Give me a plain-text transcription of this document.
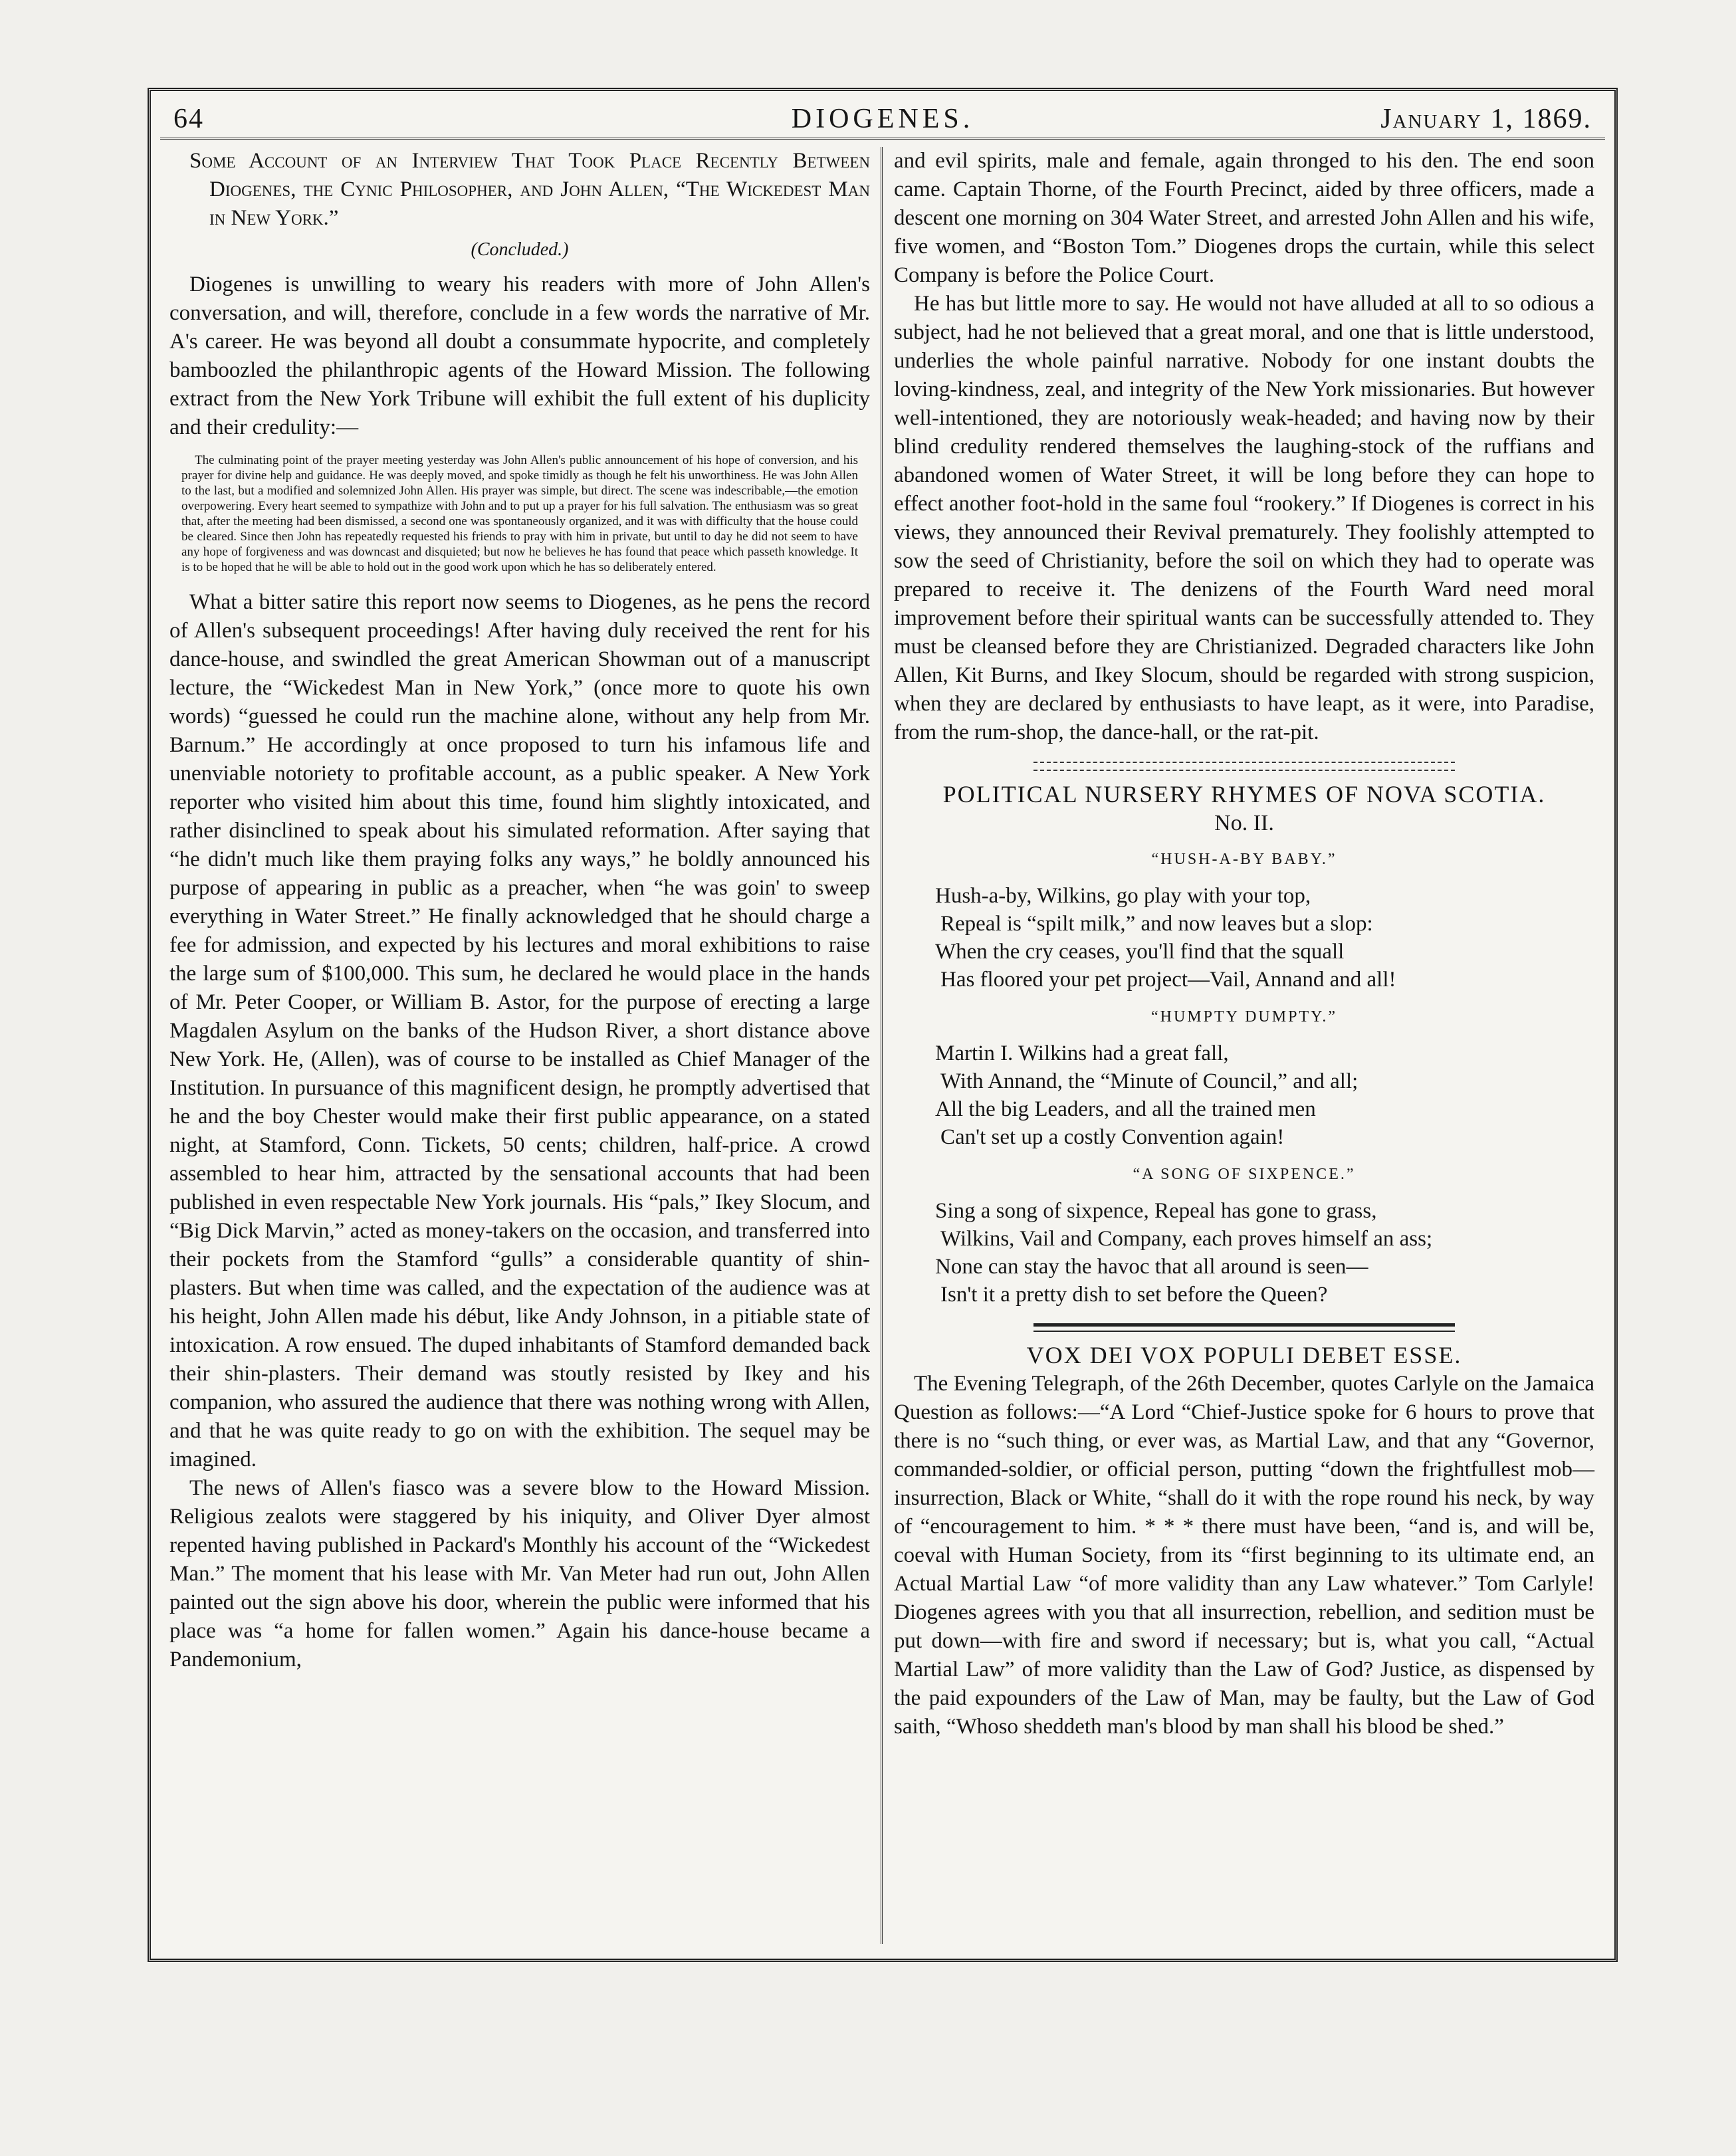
64	DIOGENES.	January 1, 1869.

Some Account of an Interview That Took Place Recently Between Diogenes, the Cynic Philosopher, and John Allen, “The Wickedest Man in New York.”

(Concluded.)

Diogenes is unwilling to weary his readers with more of John Allen's conversation, and will, therefore, conclude in a few words the narrative of Mr. A's career. He was beyond all doubt a consummate hypocrite, and completely bamboozled the philanthropic agents of the Howard Mission. The following extract from the New York Tribune will exhibit the full extent of his duplicity and their credulity:—

The culminating point of the prayer meeting yesterday was John Allen's public announcement of his hope of conversion, and his prayer for divine help and guidance. He was deeply moved, and spoke timidly as though he felt his unworthiness. He was John Allen to the last, but a modified and solemnized John Allen. His prayer was simple, but direct. The scene was indescribable,—the emotion overpowering. Every heart seemed to sympathize with John and to put up a prayer for his full salvation. The enthusiasm was so great that, after the meeting had been dismissed, a second one was spontaneously organized, and it was with difficulty that the house could be cleared. Since then John has repeatedly requested his friends to pray with him in private, but until to day he did not seem to have any hope of forgiveness and was downcast and disquieted; but now he believes he has found that peace which passeth knowledge. It is to be hoped that he will be able to hold out in the good work upon which he has so deliberately entered.

What a bitter satire this report now seems to Diogenes, as he pens the record of Allen's subsequent proceedings! After having duly received the rent for his dance-house, and swindled the great American Showman out of a manuscript lecture, the “Wickedest Man in New York,” (once more to quote his own words) “guessed he could run the machine alone, without any help from Mr. Barnum.” He accordingly at once proposed to turn his infamous life and unenviable notoriety to profitable account, as a public speaker. A New York reporter who visited him about this time, found him slightly intoxicated, and rather disinclined to speak about his simulated reformation. After saying that “he didn't much like them praying folks any ways,” he boldly announced his purpose of appearing in public as a preacher, when “he was goin' to sweep everything in Water Street.” He finally acknowledged that he should charge a fee for admission, and expected by his lectures and moral exhibitions to raise the large sum of $100,000. This sum, he declared he would place in the hands of Mr. Peter Cooper, or William B. Astor, for the purpose of erecting a large Magdalen Asylum on the banks of the Hudson River, a short distance above New York. He, (Allen), was of course to be installed as Chief Manager of the Institution. In pursuance of this magnificent design, he promptly advertised that he and the boy Chester would make their first public appearance, on a stated night, at Stamford, Conn. Tickets, 50 cents; children, half-price. A crowd assembled to hear him, attracted by the sensational accounts that had been published in even respectable New York journals. His “pals,” Ikey Slocum, and “Big Dick Marvin,” acted as money-takers on the occasion, and transferred into their pockets from the Stamford “gulls” a considerable quantity of shin-plasters. But when time was called, and the expectation of the audience was at his height, John Allen made his début, like Andy Johnson, in a pitiable state of intoxication. A row ensued. The duped inhabitants of Stamford demanded back their shin-plasters. Their demand was stoutly resisted by Ikey and his companion, who assured the audience that there was nothing wrong with Allen, and that he was quite ready to go on with the exhibition. The sequel may be imagined.

The news of Allen's fiasco was a severe blow to the Howard Mission. Religious zealots were staggered by his iniquity, and Oliver Dyer almost repented having published in Packard's Monthly his account of the “Wickedest Man.” The moment that his lease with Mr. Van Meter had run out, John Allen painted out the sign above his door, wherein the public were informed that his place was “a home for fallen women.” Again his dance-house became a Pandemonium,

and evil spirits, male and female, again thronged to his den. The end soon came. Captain Thorne, of the Fourth Precinct, aided by three officers, made a descent one morning on 304 Water Street, and arrested John Allen and his wife, five women, and “Boston Tom.” Diogenes drops the curtain, while this select Company is before the Police Court.

He has but little more to say. He would not have alluded at all to so odious a subject, had he not believed that a great moral, and one that is little understood, underlies the whole painful narrative. Nobody for one instant doubts the loving-kindness, zeal, and integrity of the New York missionaries. But however well-intentioned, they are notoriously weak-headed; and having now by their blind credulity rendered themselves the laughing-stock of the ruffians and abandoned women of Water Street, it will be long before they can hope to effect another foot-hold in the same foul “rookery.” If Diogenes is correct in his views, they announced their Revival prematurely. They foolishly attempted to sow the seed of Christianity, before the soil on which they had to operate was prepared to receive it. The denizens of the Fourth Ward need moral improvement before their spiritual wants can be successfully attended to. They must be cleansed before they are Christianized. Degraded characters like John Allen, Kit Burns, and Ikey Slocum, should be regarded with strong suspicion, when they are declared by enthusiasts to have leapt, as it were, into Paradise, from the rum-shop, the dance-hall, or the rat-pit.

POLITICAL NURSERY RHYMES OF NOVA SCOTIA.
No. II.
“HUSH-A-BY BABY.”
Hush-a-by, Wilkins, go play with your top,
Repeal is “spilt milk,” and now leaves but a slop:
When the cry ceases, you'll find that the squall
Has floored your pet project—Vail, Annand and all!
“HUMPTY DUMPTY.”
Martin I. Wilkins had a great fall,
With Annand, the “Minute of Council,” and all;
All the big Leaders, and all the trained men
Can't set up a costly Convention again!
“A SONG OF SIXPENCE.”
Sing a song of sixpence, Repeal has gone to grass,
Wilkins, Vail and Company, each proves himself an ass;
None can stay the havoc that all around is seen—
Isn't it a pretty dish to set before the Queen?
VOX DEI VOX POPULI DEBET ESSE.

The Evening Telegraph, of the 26th December, quotes Carlyle on the Jamaica Question as follows:—“A Lord “Chief-Justice spoke for 6 hours to prove that there is no “such thing, or ever was, as Martial Law, and that any “Governor, commanded-soldier, or official person, putting “down the frightfullest mob—insurrection, Black or White, “shall do it with the rope round his neck, by way of “encouragement to him. * * * there must have been, “and is, and will be, coeval with Human Society, from its “first beginning to its ultimate end, an Actual Martial Law “of more validity than any Law whatever.” Tom Carlyle! Diogenes agrees with you that all insurrection, rebellion, and sedition must be put down—with fire and sword if necessary; but is, what you call, “Actual Martial Law” of more validity than the Law of God? Justice, as dispensed by the paid expounders of the Law of Man, may be faulty, but the Law of God saith, “Whoso sheddeth man's blood by man shall his blood be shed.”
